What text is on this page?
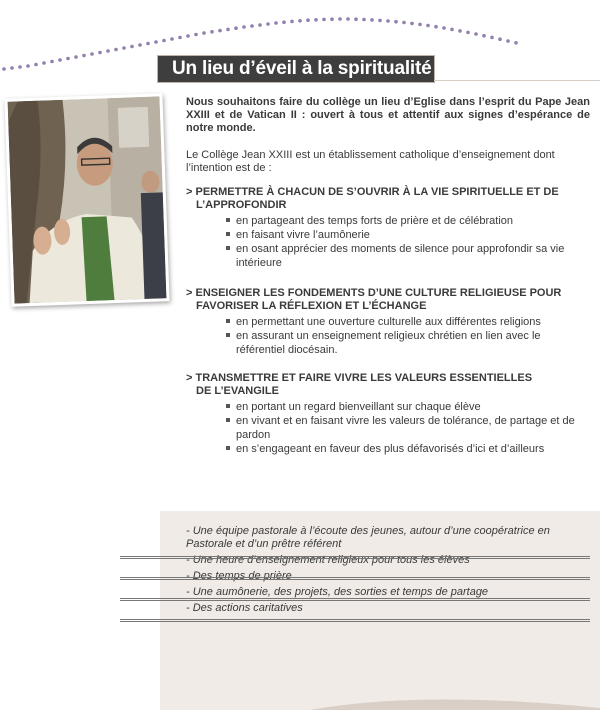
Un lieu d’éveil à la spiritualité
Nous souhaitons faire du collège un lieu d’Eglise dans l’esprit du Pape Jean XXIII et de Vatican II : ouvert à tous et attentif aux signes d’espérance de notre monde.
Le Collège Jean XXIII est un établissement catholique d’enseignement dont l’intention est de :
> PERMETTRE À CHACUN DE S’OUVRIR À LA VIE SPIRITUELLE ET DE
L’APPROFONDIR
en partageant des temps forts de prière et de célébration
en faisant vivre l’aumônerie
en osant apprécier des moments de silence pour approfondir sa vie intérieure
> ENSEIGNER LES FONDEMENTS D’UNE CULTURE RELIGIEUSE POUR
FAVORISER LA RÉFLEXION ET L’ÉCHANGE
en permettant une ouverture culturelle aux différentes religions
en assurant un enseignement religieux chrétien en lien avec le référentiel diocésain.
> TRANSMETTRE ET FAIRE VIVRE LES VALEURS ESSENTIELLES
DE L’EVANGILE
en portant un regard bienveillant sur chaque élève
en vivant et en faisant vivre les valeurs de tolérance, de partage et de pardon
en s’engageant en faveur des plus défavorisés d’ici et d’ailleurs
- Une équipe pastorale à l’écoute des jeunes, autour d’une coopératrice en Pastorale et d’un prêtre référent
- Une heure d’enseignement religieux pour tous les élèves
- Des temps de prière
- Une aumônerie, des projets, des sorties et temps de partage
- Des actions caritatives
